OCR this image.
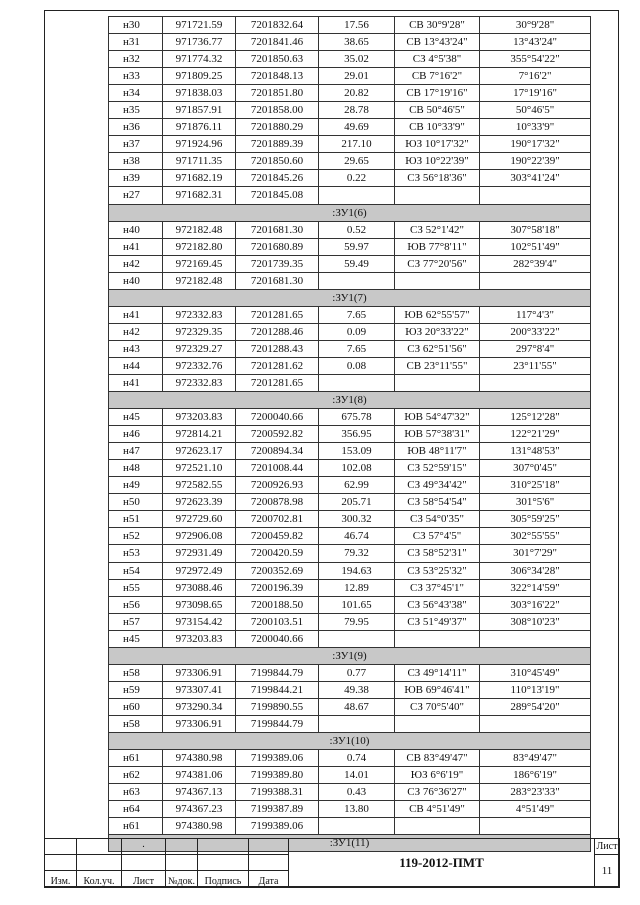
н30	971721.59	7201832.64	17.56	СВ 30°9'28"	30°9'28"
н31	971736.77	7201841.46	38.65	СВ 13°43'24"	13°43'24"
н32	971774.32	7201850.63	35.02	СЗ 4°5'38"	355°54'22"
н33	971809.25	7201848.13	29.01	СВ 7°16'2"	7°16'2"
н34	971838.03	7201851.80	20.82	СВ 17°19'16"	17°19'16"
н35	971857.91	7201858.00	28.78	СВ 50°46'5"	50°46'5"
н36	971876.11	7201880.29	49.69	СВ 10°33'9"	10°33'9"
н37	971924.96	7201889.39	217.10	ЮЗ 10°17'32"	190°17'32"
н38	971711.35	7201850.60	29.65	ЮЗ 10°22'39"	190°22'39"
н39	971682.19	7201845.26	0.22	СЗ 56°18'36"	303°41'24"
н27	971682.31	7201845.08			
:ЗУ1(6)					
н40	972182.48	7201681.30	0.52	СЗ 52°1'42"	307°58'18"
н41	972182.80	7201680.89	59.97	ЮВ 77°8'11"	102°51'49"
н42	972169.45	7201739.35	59.49	СЗ 77°20'56"	282°39'4"
н40	972182.48	7201681.30			
:ЗУ1(7)					
н41	972332.83	7201281.65	7.65	ЮВ 62°55'57"	117°4'3"
н42	972329.35	7201288.46	0.09	ЮЗ 20°33'22"	200°33'22"
н43	972329.27	7201288.43	7.65	СЗ 62°51'56"	297°8'4"
н44	972332.76	7201281.62	0.08	СВ 23°11'55"	23°11'55"
н41	972332.83	7201281.65			
:ЗУ1(8)					
н45	973203.83	7200040.66	675.78	ЮВ 54°47'32"	125°12'28"
н46	972814.21	7200592.82	356.95	ЮВ 57°38'31"	122°21'29"
н47	972623.17	7200894.34	153.09	ЮВ 48°11'7"	131°48'53"
н48	972521.10	7201008.44	102.08	СЗ 52°59'15"	307°0'45"
н49	972582.55	7200926.93	62.99	СЗ 49°34'42"	310°25'18"
н50	972623.39	7200878.98	205.71	СЗ 58°54'54"	301°5'6"
н51	972729.60	7200702.81	300.32	СЗ 54°0'35"	305°59'25"
н52	972906.08	7200459.82	46.74	СЗ 57°4'5"	302°55'55"
н53	972931.49	7200420.59	79.32	СЗ 58°52'31"	301°7'29"
н54	972972.49	7200352.69	194.63	СЗ 53°25'32"	306°34'28"
н55	973088.46	7200196.39	12.89	СЗ 37°45'1"	322°14'59"
н56	973098.65	7200188.50	101.65	СЗ 56°43'38"	303°16'22"
н57	973154.42	7200103.51	79.95	СЗ 51°49'37"	308°10'23"
н45	973203.83	7200040.66			
:ЗУ1(9)					
н58	973306.91	7199844.79	0.77	СЗ 49°14'11"	310°45'49"
н59	973307.41	7199844.21	49.38	ЮВ 69°46'41"	110°13'19"
н60	973290.34	7199890.55	48.67	СЗ 70°5'40"	289°54'20"
н58	973306.91	7199844.79			
:ЗУ1(10)					
н61	974380.98	7199389.06	0.74	СВ 83°49'47"	83°49'47"
н62	974381.06	7199389.80	14.01	ЮЗ 6°6'19"	186°6'19"
н63	974367.13	7199388.31	0.43	СЗ 76°36'27"	283°23'33"
н64	974367.23	7199387.89	13.80	СВ 4°51'49"	4°51'49"
н61	974380.98	7199389.06			
:ЗУ1(11)					
		.				119-2012-ПМТ	Лист
							11
Изм.	Кол.уч.	Лист	№док.	Подпись	Дата		
